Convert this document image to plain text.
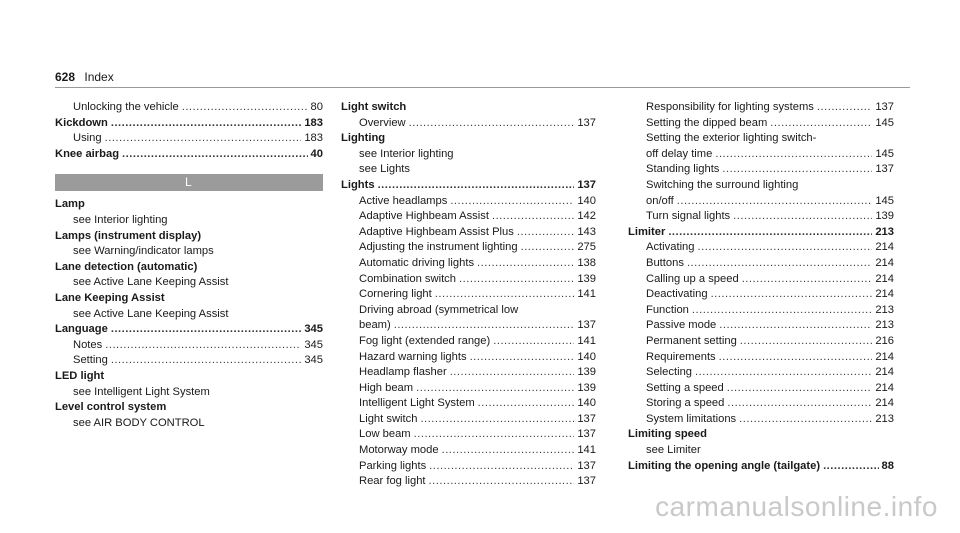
628 Index
Unlocking the vehicle .....	80
Kickdown .....	183
Using .....	183
Knee airbag .....	40
L
Lamp
see Interior lighting
Lamps (instrument display)
see Warning/indicator lamps
Lane detection (automatic)
see Active Lane Keeping Assist
Lane Keeping Assist
see Active Lane Keeping Assist
Language .....	345
Notes .....	345
Setting .....	345
LED light
see Intelligent Light System
Level control system
see AIR BODY CONTROL
Light switch
Overview .....	137
Lighting
see Interior lighting
see Lights
Lights .....	137
Active headlamps .....	140
Adaptive Highbeam Assist .....	142
Adaptive Highbeam Assist Plus .....	143
Adjusting the instrument lighting .....	275
Automatic driving lights .....	138
Combination switch .....	139
Cornering light .....	141
Driving abroad (symmetrical low
beam) .....	137
Fog light (extended range) .....	141
Hazard warning lights .....	140
Headlamp flasher .....	139
High beam .....	139
Intelligent Light System .....	140
Light switch .....	137
Low beam .....	137
Motorway mode .....	141
Parking lights .....	137
Rear fog light .....	137
Responsibility for lighting systems .....	137
Setting the dipped beam .....	145
Setting the exterior lighting switch-
off delay time .....	145
Standing lights .....	137
Switching the surround lighting
on/off .....	145
Turn signal lights .....	139
Limiter .....	213
Activating .....	214
Buttons .....	214
Calling up a speed .....	214
Deactivating .....	214
Function .....	213
Passive mode .....	213
Permanent setting .....	216
Requirements .....	214
Selecting .....	214
Setting a speed .....	214
Storing a speed .....	214
System limitations .....	213
Limiting speed
see Limiter
Limiting the opening angle (tailgate) .....	88
carmanualsonline.info
